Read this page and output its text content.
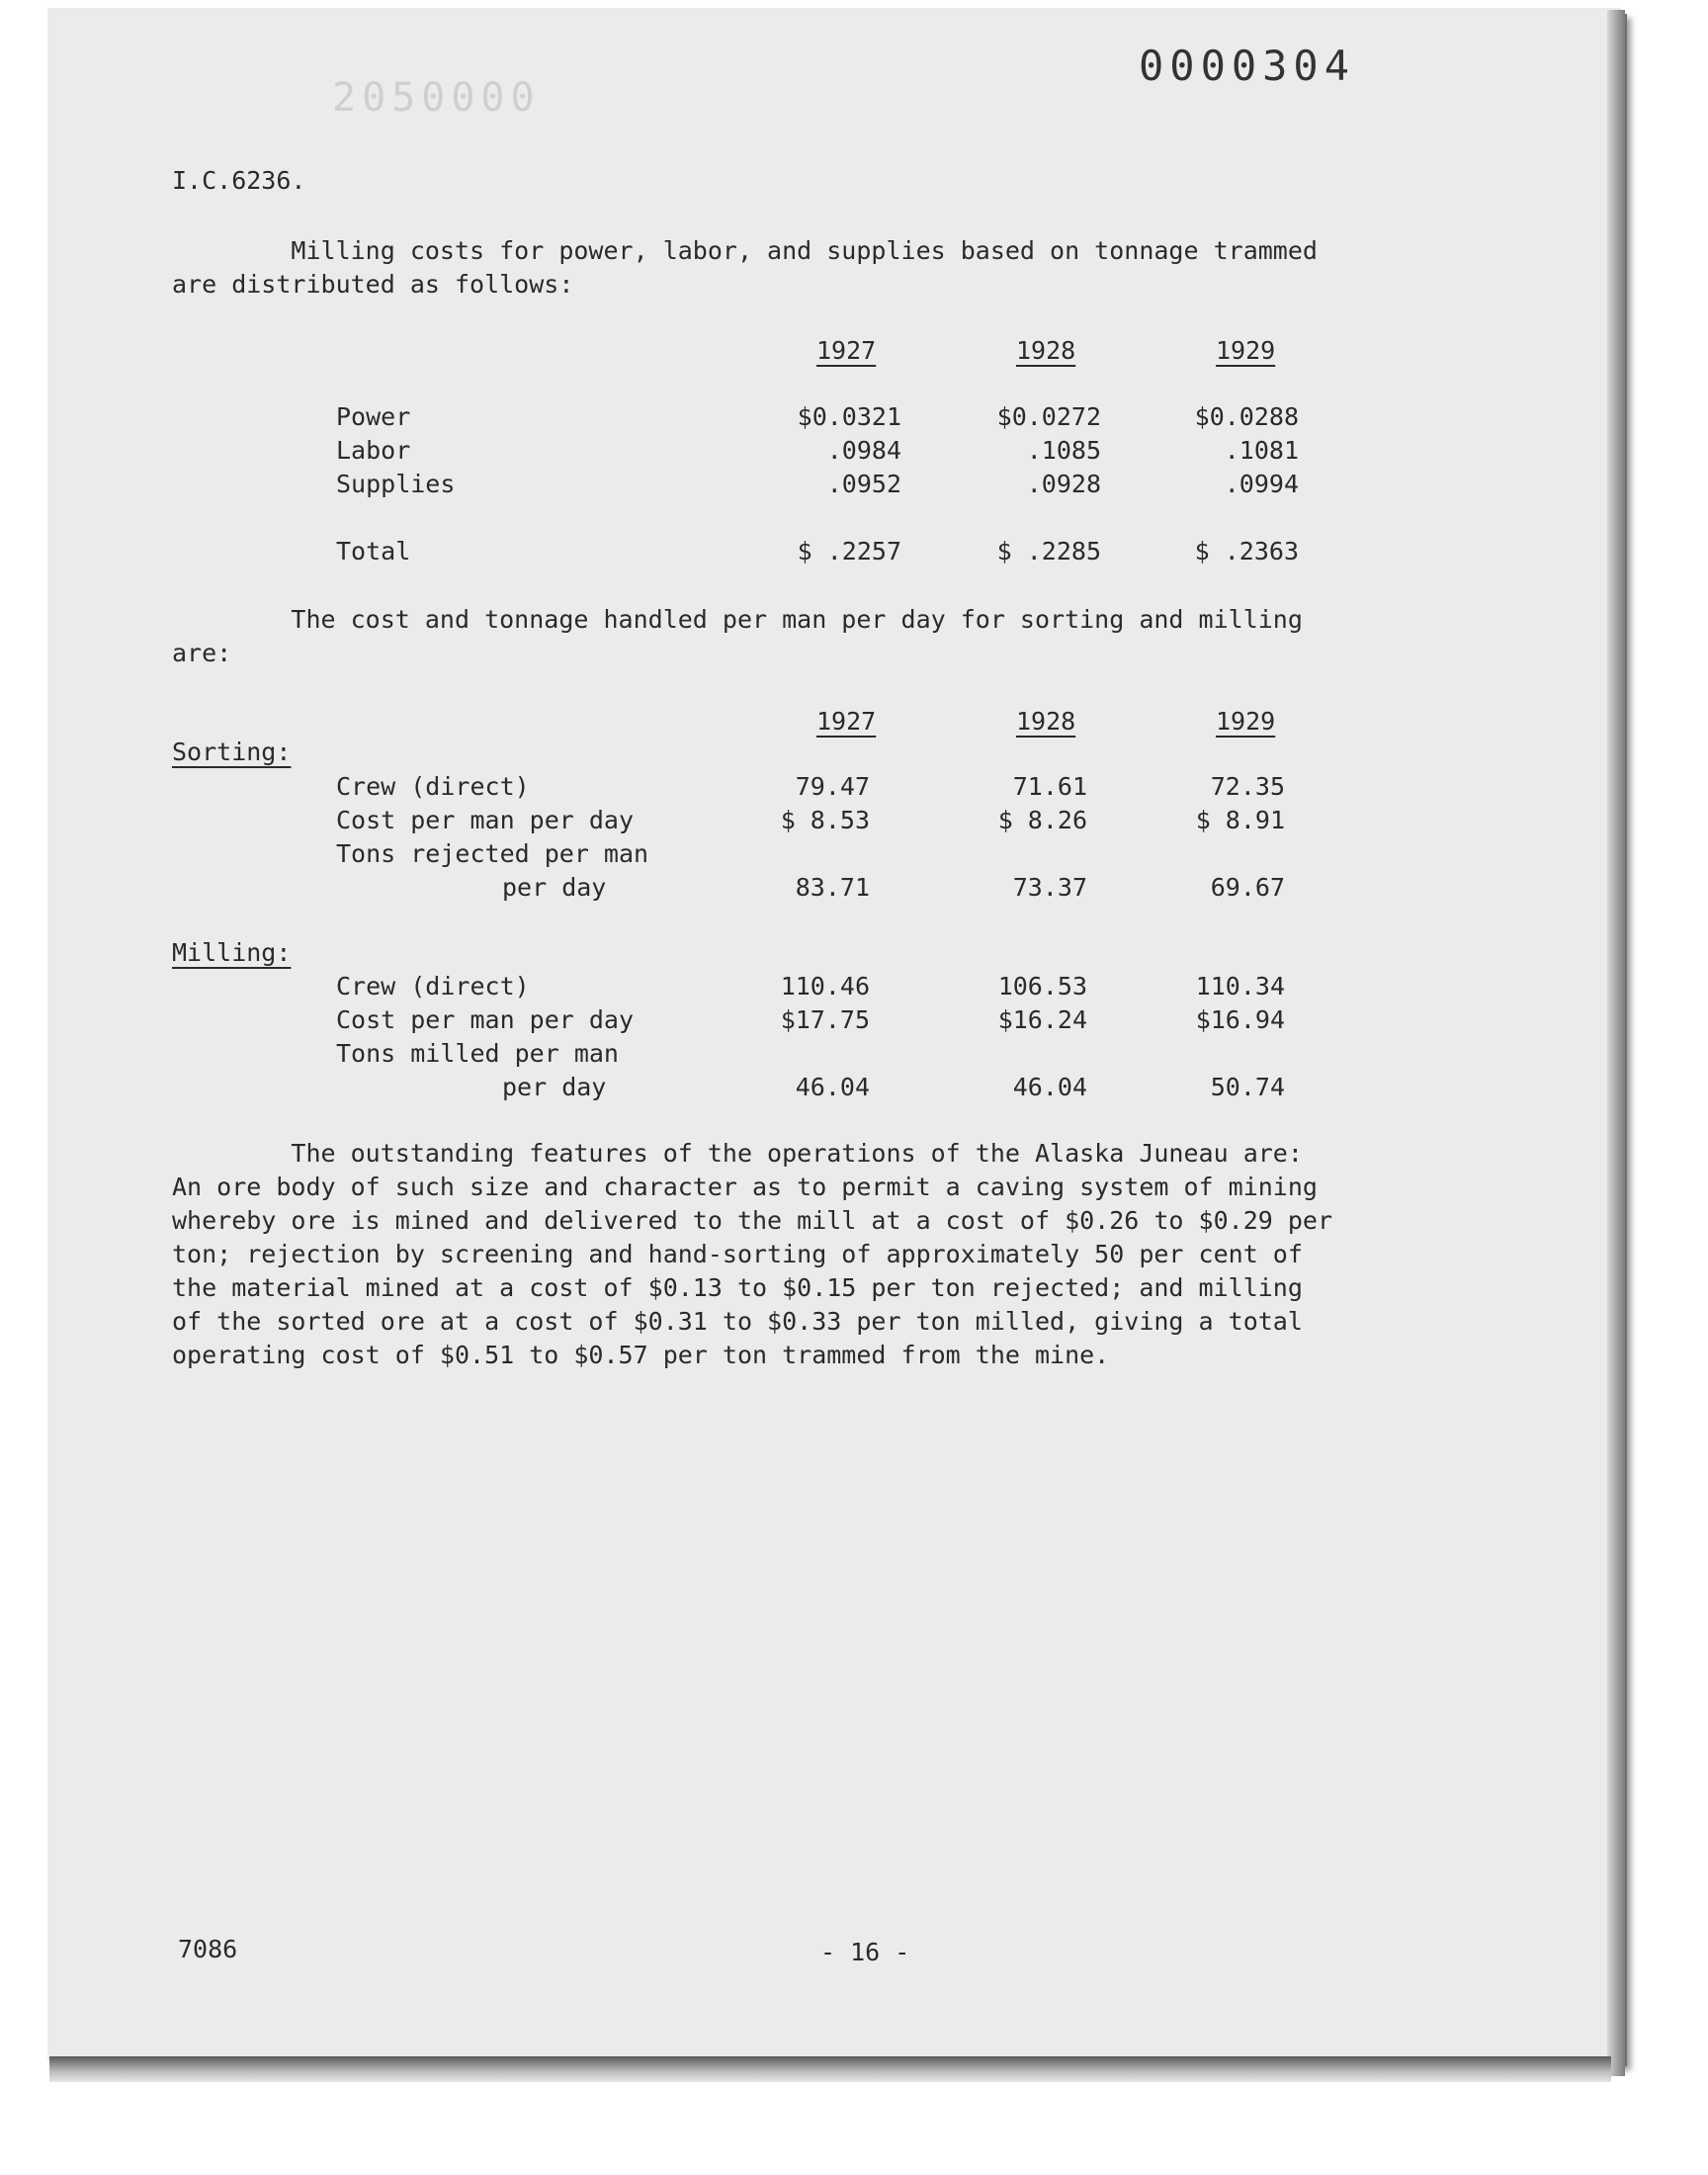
2050000
0000304
I.C.6236.
Milling costs for power, labor, and supplies based on tonnage trammed
are distributed as follows:
1927	1928	1929
Power	$0.0321	$0.0272	$0.0288
Labor	.0984	.1085	.1081
Supplies	.0952	.0928	.0994
Total	$ .2257	$ .2285	$ .2363
The cost and tonnage handled per man per day for sorting and milling
are:
1927	1928	1929
Sorting:
Crew (direct)	79.47	71.61	72.35
Cost per man per day	$ 8.53	$ 8.26	$ 8.91
Tons rejected per man
per day	83.71	73.37	69.67
Milling:
Crew (direct)	110.46	106.53	110.34
Cost per man per day	$17.75	$16.24	$16.94
Tons milled per man
per day	46.04	46.04	50.74
The outstanding features of the operations of the Alaska Juneau are:
An ore body of such size and character as to permit a caving system of mining
whereby ore is mined and delivered to the mill at a cost of $0.26 to $0.29 per
ton; rejection by screening and hand-sorting of approximately 50 per cent of
the material mined at a cost of $0.13 to $0.15 per ton rejected; and milling
of the sorted ore at a cost of $0.31 to $0.33 per ton milled, giving a total
operating cost of $0.51 to $0.57 per ton trammed from the mine.
7086	- 16 -
